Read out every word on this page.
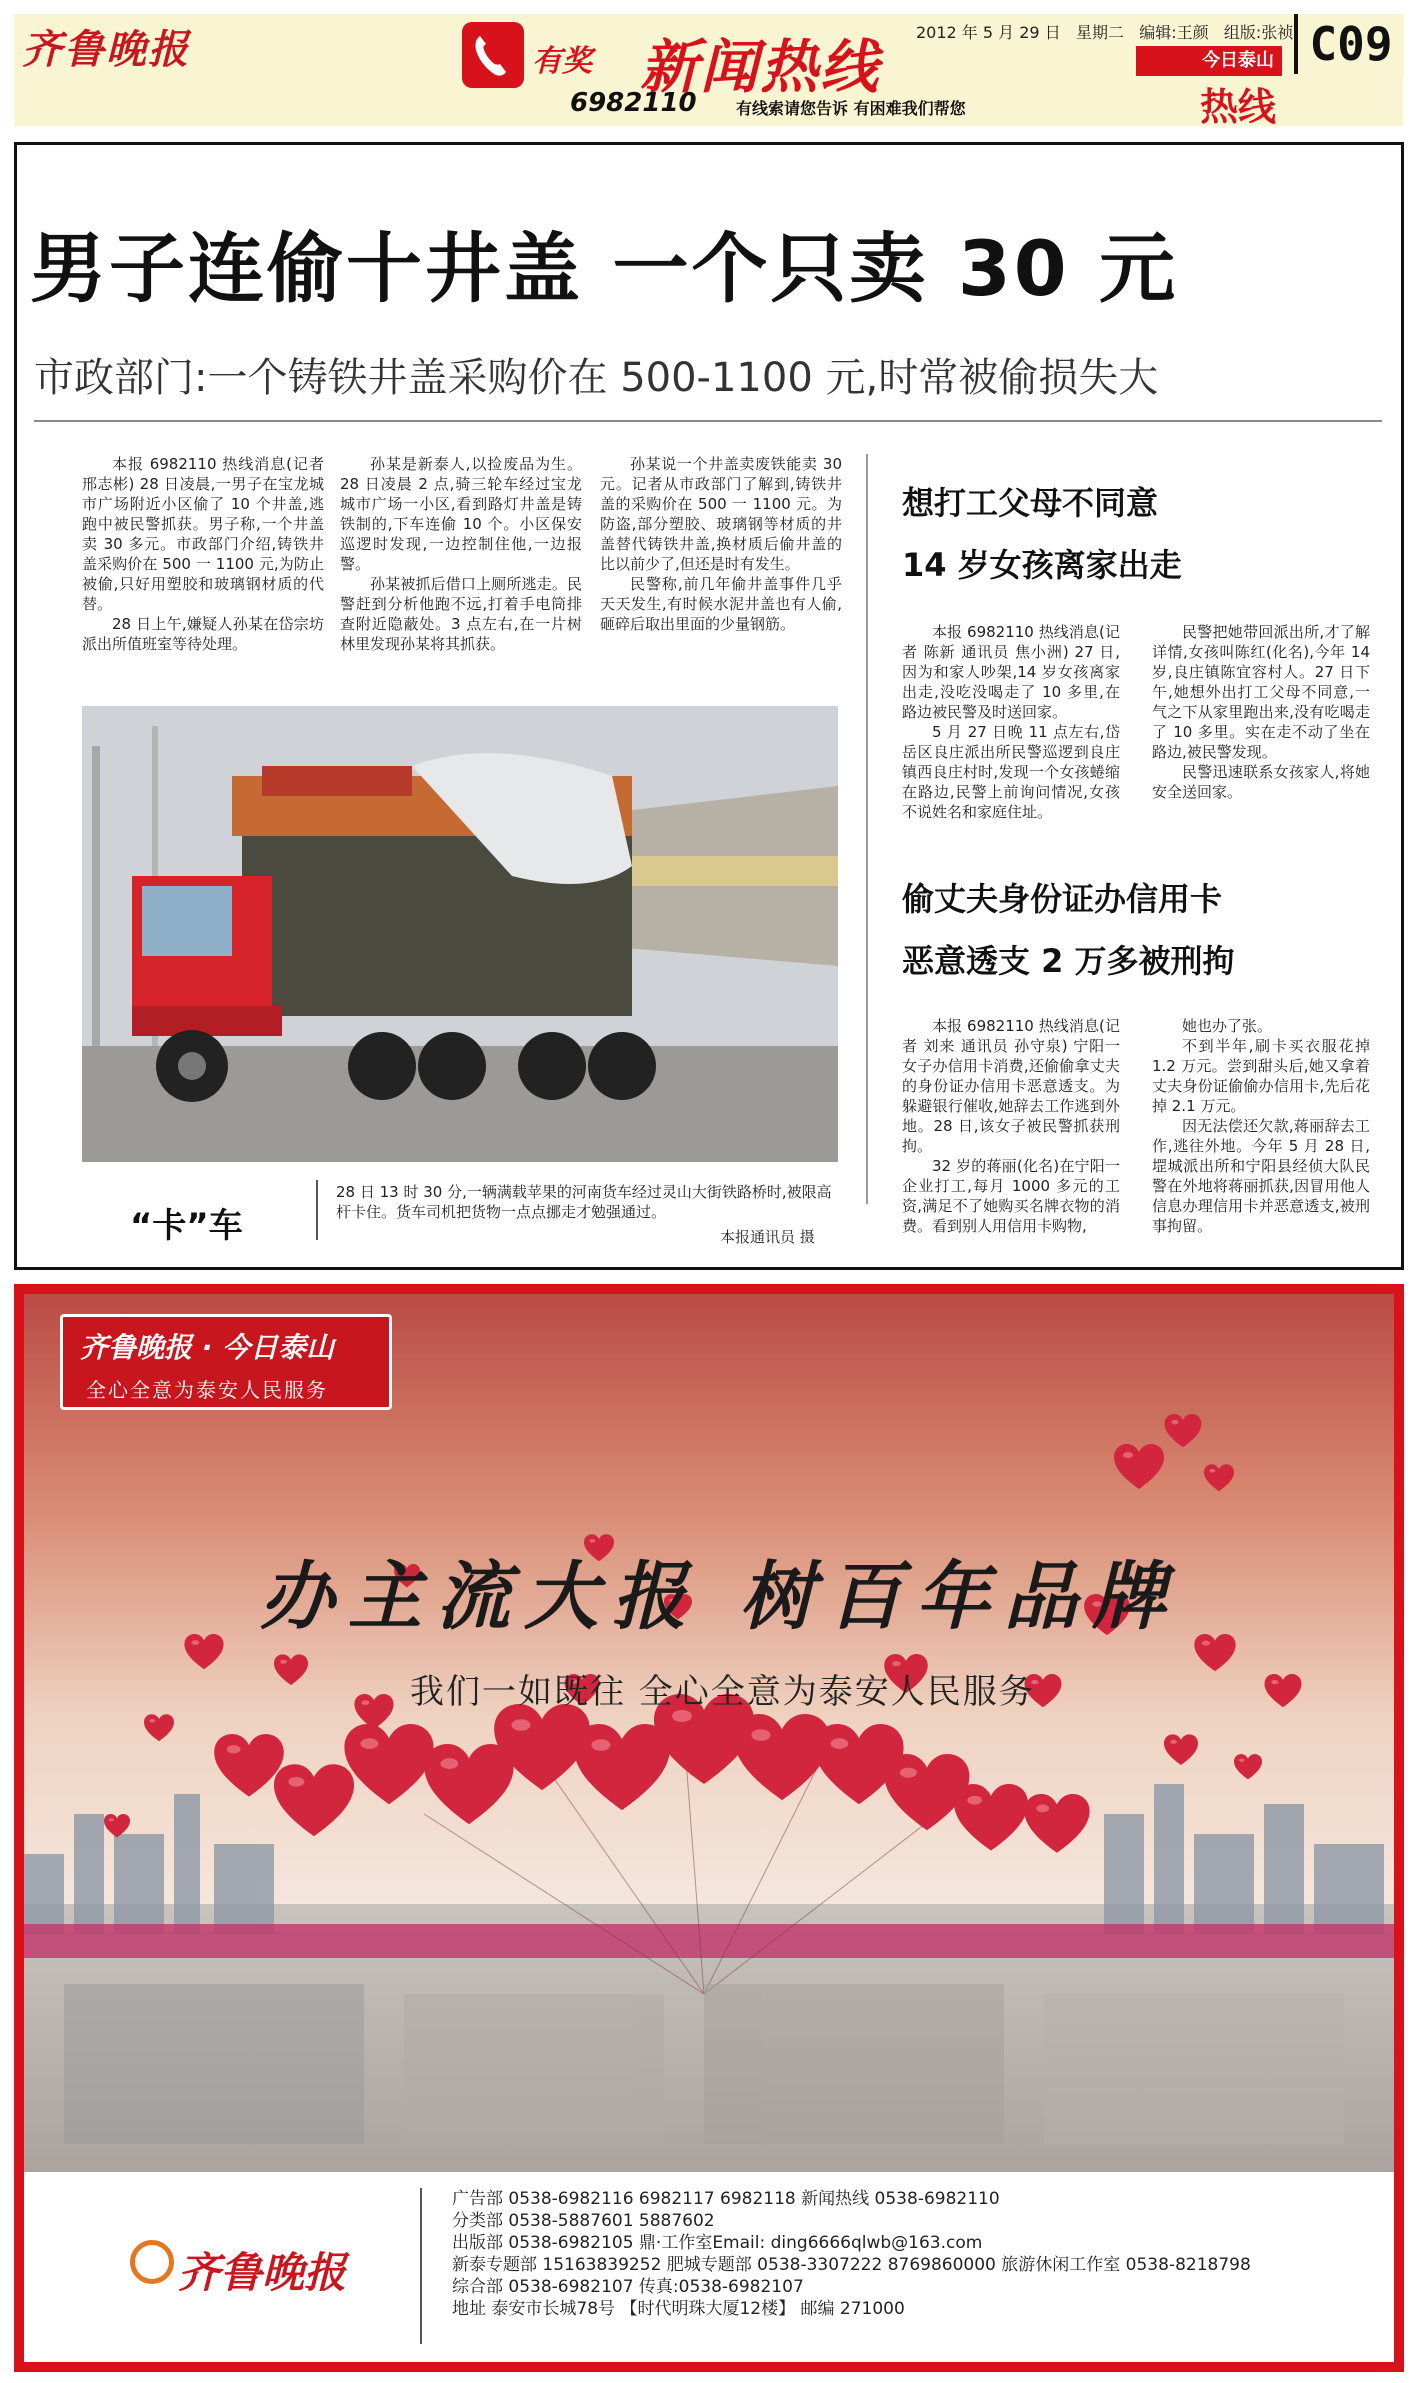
齐鲁晚报	有奖 新闻热线
6982110 有线索请您告诉 有困难我们帮您
2012 年 5 月 29 日 星期二 编辑:王颜 组版:张祯
今日泰山
热线
C09
男子连偷十井盖 一个只卖 30 元
市政部门:一个铸铁井盖采购价在 500-1100 元,时常被偷损失大

本报 6982110 热线消息(记者 邢志彬) 28 日凌晨,一男子在宝龙城市广场附近小区偷了 10 个井盖,逃跑中被民警抓获。男子称,一个井盖卖 30 多元。市政部门介绍,铸铁井盖采购价在 500 一 1100 元,为防止被偷,只好用塑胶和玻璃钢材质的代替。

28 日上午,嫌疑人孙某在岱宗坊派出所值班室等待处理。

孙某是新泰人,以捡废品为生。28 日凌晨 2 点,骑三轮车经过宝龙城市广场一小区,看到路灯井盖是铸铁制的,下车连偷 10 个。小区保安巡逻时发现,一边控制住他,一边报警。

孙某被抓后借口上厕所逃走。民警赶到分析他跑不远,打着手电筒排查附近隐蔽处。3 点左右,在一片树林里发现孙某将其抓获。

孙某说一个井盖卖废铁能卖 30 元。记者从市政部门了解到,铸铁井盖的采购价在 500 一 1100 元。为防盗,部分塑胶、玻璃钢等材质的井盖替代铸铁井盖,换材质后偷井盖的比以前少了,但还是时有发生。

民警称,前几年偷井盖事件几乎天天发生,有时候水泥井盖也有人偷,砸碎后取出里面的少量钢筋。

“卡”车
28 日 13 时 30 分,一辆满载苹果的河南货车经过灵山大街铁路桥时,被限高杆卡住。货车司机把货物一点点挪走才勉强通过。
本报通讯员 摄
想打工父母不同意
14 岁女孩离家出走

本报 6982110 热线消息(记者 陈新 通讯员 焦小洲) 27 日,因为和家人吵架,14 岁女孩离家出走,没吃没喝走了 10 多里,在路边被民警及时送回家。

5 月 27 日晚 11 点左右,岱岳区良庄派出所民警巡逻到良庄镇西良庄村时,发现一个女孩蜷缩在路边,民警上前询问情况,女孩不说姓名和家庭住址。

民警把她带回派出所,才了解详情,女孩叫陈红(化名),今年 14 岁,良庄镇陈宜容村人。27 日下午,她想外出打工父母不同意,一气之下从家里跑出来,没有吃喝走了 10 多里。实在走不动了坐在路边,被民警发现。

民警迅速联系女孩家人,将她安全送回家。

偷丈夫身份证办信用卡
恶意透支 2 万多被刑拘

本报 6982110 热线消息(记者 刘来 通讯员 孙守泉) 宁阳一女子办信用卡消费,还偷偷拿丈夫的身份证办信用卡恶意透支。为躲避银行催收,她辞去工作逃到外地。28 日,该女子被民警抓获刑拘。

32 岁的蒋丽(化名)在宁阳一企业打工,每月 1000 多元的工资,满足不了她购买名牌衣物的消费。看到别人用信用卡购物,

她也办了张。

不到半年,刷卡买衣服花掉 1.2 万元。尝到甜头后,她又拿着丈夫身份证偷偷办信用卡,先后花掉 2.1 万元。

因无法偿还欠款,蒋丽辞去工作,逃往外地。今年 5 月 28 日,堽城派出所和宁阳县经侦大队民警在外地将蒋丽抓获,因冒用他人信息办理信用卡并恶意透支,被刑事拘留。

齐鲁晚报 · 今日泰山
全心全意为泰安人民服务
办主流大报 树百年品牌
我们一如既往 全心全意为泰安人民服务
齐鲁晚报
广告部 0538-6982116 6982117 6982118 新闻热线 0538-6982110
分类部 0538-5887601 5887602
出版部 0538-6982105 鼎·工作室Email: ding6666qlwb@163.com
新泰专题部 15163839252 肥城专题部 0538-3307222 8769860000 旅游休闲工作室 0538-8218798
综合部 0538-6982107 传真:0538-6982107
地址 泰安市长城78号 【时代明珠大厦12楼】 邮编 271000
